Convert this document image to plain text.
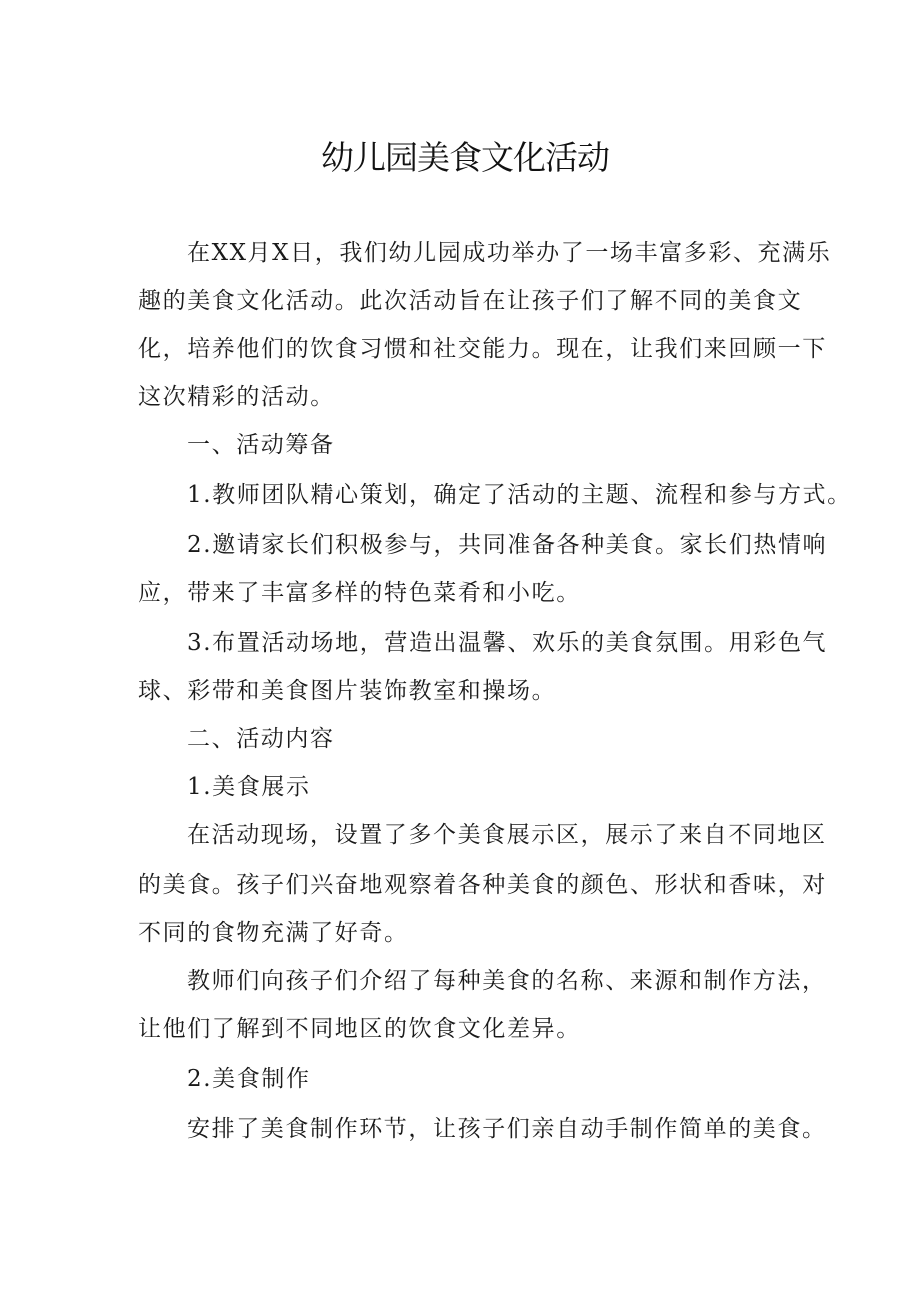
幼儿园美食文化活动
在XX月X日，我们幼儿园成功举办了一场丰富多彩、充满乐
趣的美食文化活动。此次活动旨在让孩子们了解不同的美食文
化，培养他们的饮食习惯和社交能力。现在，让我们来回顾一下
这次精彩的活动。
一、活动筹备
1.教师团队精心策划，确定了活动的主题、流程和参与方式。
2.邀请家长们积极参与，共同准备各种美食。家长们热情响
应，带来了丰富多样的特色菜肴和小吃。
3.布置活动场地，营造出温馨、欢乐的美食氛围。用彩色气
球、彩带和美食图片装饰教室和操场。
二、活动内容
1.美食展示
在活动现场，设置了多个美食展示区，展示了来自不同地区
的美食。孩子们兴奋地观察着各种美食的颜色、形状和香味，对
不同的食物充满了好奇。
教师们向孩子们介绍了每种美食的名称、来源和制作方法，
让他们了解到不同地区的饮食文化差异。
2.美食制作
安排了美食制作环节，让孩子们亲自动手制作简单的美食。
